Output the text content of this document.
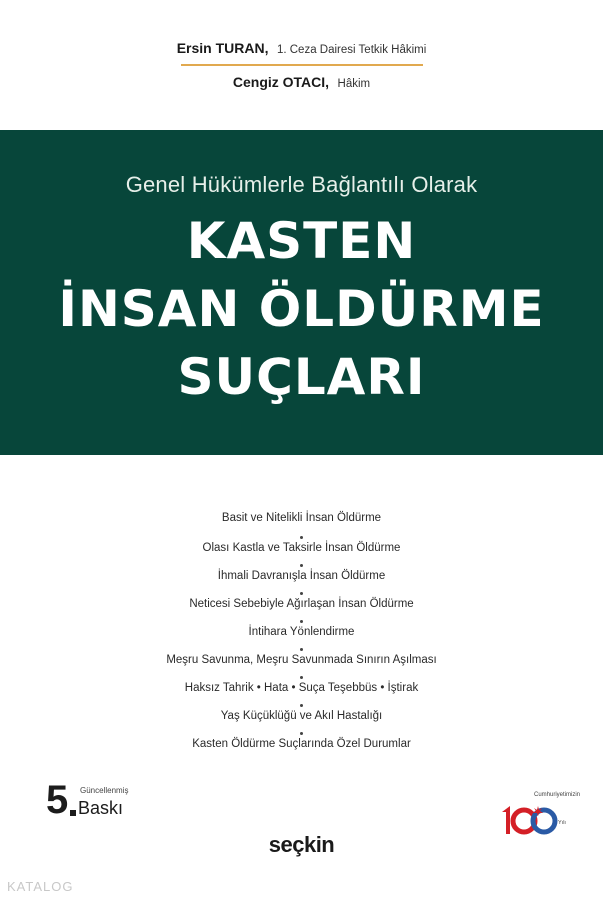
Ersin TURAN, 1. Ceza Dairesi Tetkik Hâkimi
Cengiz OTACI, Hâkim
Genel Hükümlerle Bağlantılı Olarak
KASTEN
İNSAN ÖLDÜRME
SUÇLARI
Basit ve Nitelikli İnsan Öldürme
Olası Kastla ve Taksirle İnsan Öldürme
İhmali Davranışla İnsan Öldürme
Neticesi Sebebiyle Ağırlaşan İnsan Öldürme
İntihara Yönlendirme
Meşru Savunma, Meşru Savunmada Sınırın Aşılması
Haksız Tahrik • Hata • Suça Teşebbüs • İştirak
Yaş Küçüklüğü ve Akıl Hastalığı
Kasten Öldürme Suçlarında Özel Durumlar
5 Güncellenmiş
Baskı
Cumhuriyetimizin
Yılı
seçkin
KATALOG
